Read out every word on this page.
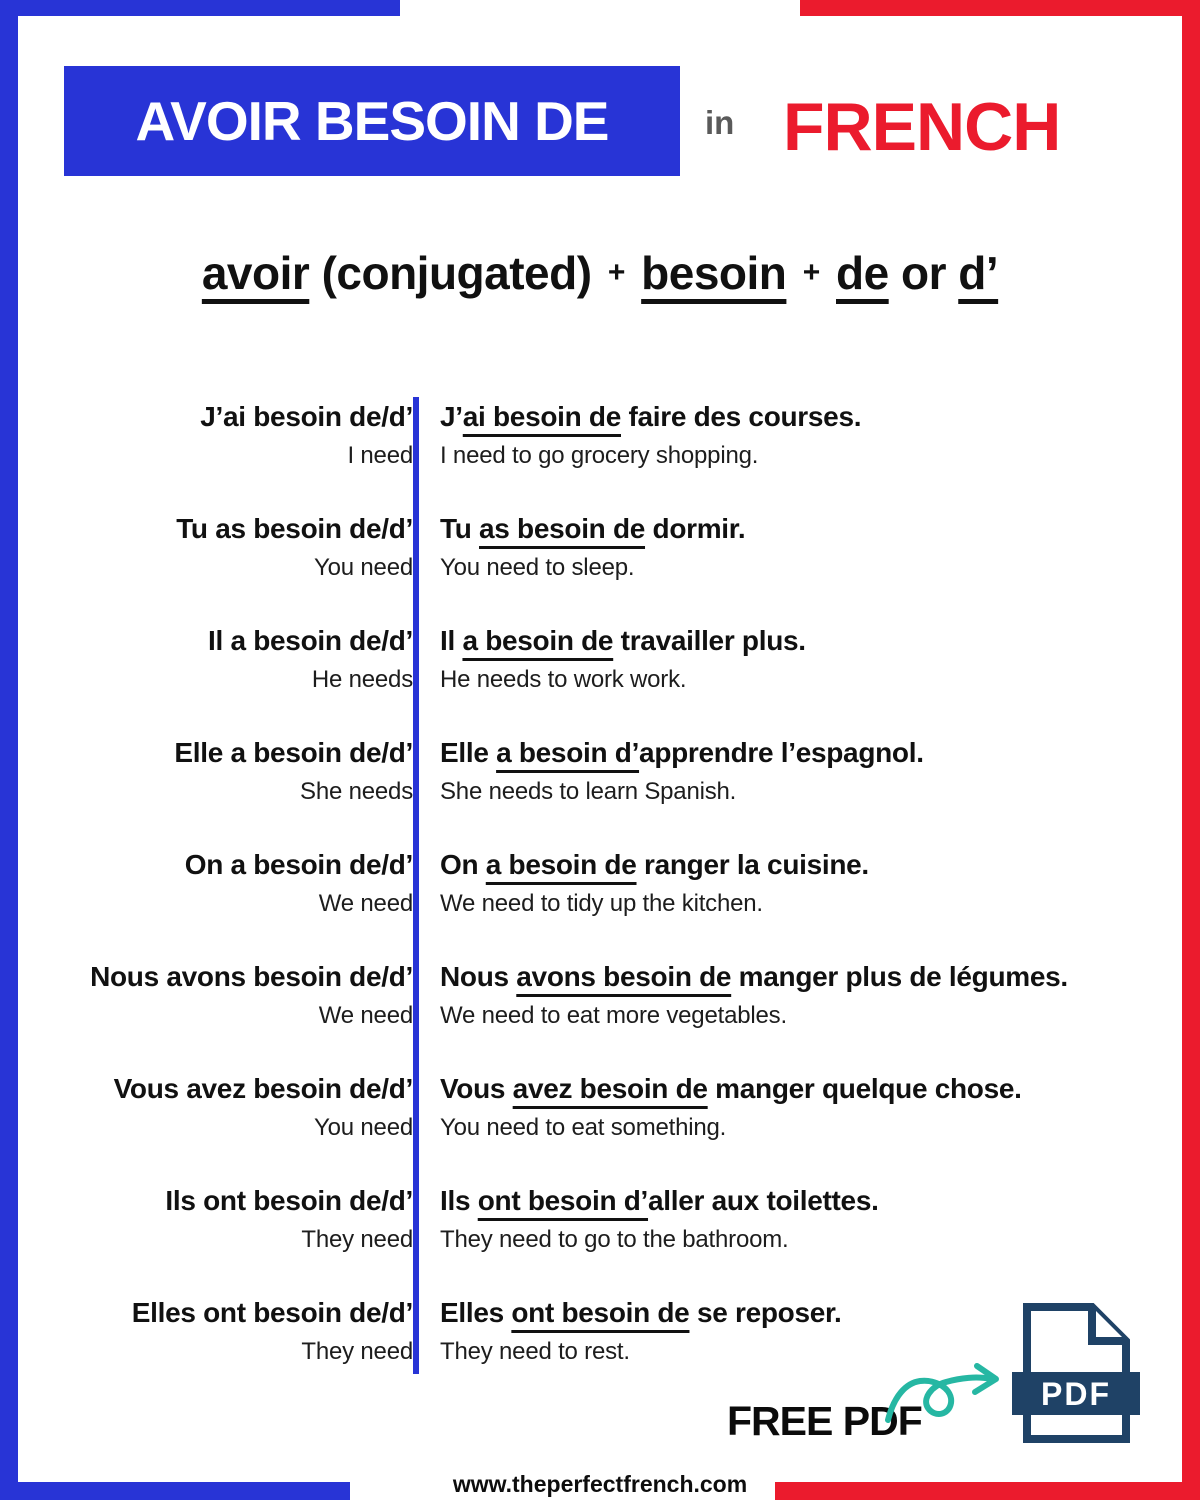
AVOIR BESOIN DE	in FRENCH
avoir (conjugated) + besoin + de or d’
J’ai besoin de/d’
I need
J’ai besoin de faire des courses.
I need to go grocery shopping.
Tu as besoin de/d’
You need
Tu as besoin de dormir.
You need to sleep.
Il a besoin de/d’
He needs
Il a besoin de travailler plus.
He needs to work work.
Elle a besoin de/d’
She needs
Elle a besoin d’apprendre l’espagnol.
She needs to learn Spanish.
On a besoin de/d’
We need
On a besoin de ranger la cuisine.
We need to tidy up the kitchen.
Nous avons besoin de/d’
We need
Nous avons besoin de manger plus de légumes.
We need to eat more vegetables.
Vous avez besoin de/d’
You need
Vous avez besoin de manger quelque chose.
You need to eat something.
Ils ont besoin de/d’
They need
Ils ont besoin d’aller aux toilettes.
They need to go to the bathroom.
Elles ont besoin de/d’
They need
Elles ont besoin de se reposer.
They need to rest.
FREE PDF
PDF
www.theperfectfrench.com
